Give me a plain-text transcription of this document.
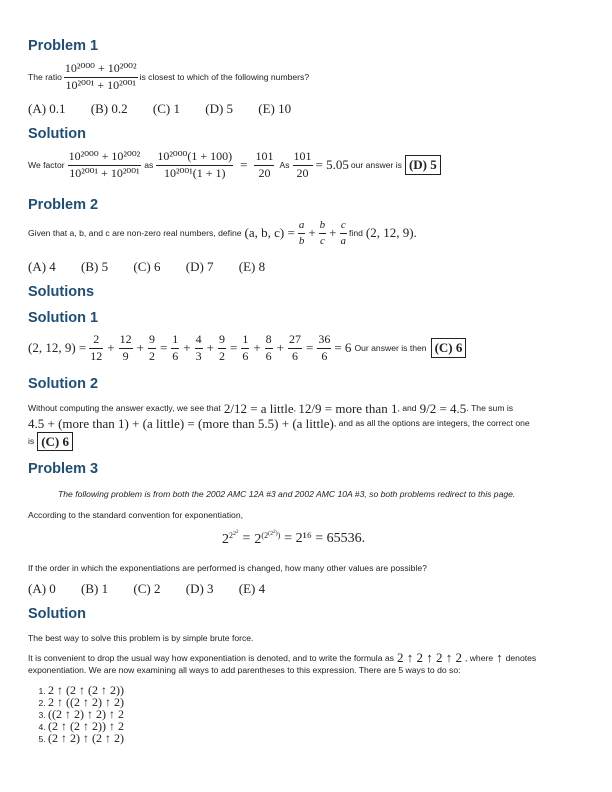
Problem 1
The ratio $\frac{\text{10²⁰⁰⁰ + 10²⁰⁰²}}{\text{10²⁰⁰¹ + 10²⁰⁰¹}}$ is closest to which of the following numbers?
(A) 0.1 (B) 0.2 (C) 1 (D) 5 (E) 10
Solution
We factor $\frac{\text{10²⁰⁰⁰ + 10²⁰⁰²}}{\text{10²⁰⁰¹ + 10²⁰⁰¹}}$ as $\frac{\text{10²⁰⁰⁰(1 + 100)}}{\text{10²⁰⁰¹(1 + 1)}} = \frac{101}{20}$ As $\frac{101}{20} = 5.05$ our answer is (D) 5
Problem 2
Given that a, b, and c are non-zero real numbers, define (a, b, $c) = \frac{a}{b} + \frac{b}{c} + \frac{c}{a}$ find (2, 12, 9).
(A) 4 (B) 5 (C) 6 (D) 7 (E) 8
Solutions
Solution 1
(2, 12, $9) = \frac{2}{12} + \frac{12}{9} + \frac{9}{2} = \frac{1}{6} + \frac{4}{3} + \frac{9}{2} = \frac{1}{6} + \frac{8}{6} + \frac{27}{6} = \frac{36}{6} = 6$ Our answer is then (C) 6
Solution 2
Without computing the answer exactly, we see that 2/12 = a little , 12/9 = more than 1 , and 9/2 = 4.5 . The sum is
4.5 + (more than 1) + (a little) = (more than 5.5) + (a little) , and as all the options are integers, the correct one
is (C) 6
Problem 3
The following problem is from both the 2002 AMC 12A #3 and 2002 AMC 10A #3, so both problems redirect to this page.
According to the standard convention for exponentiation,
$2^{2^{2^2}} = 2^{(2^{(2^2)})} = 2^{16} = 65536$.
If the order in which the exponentiations are performed is changed, how many other values are possible?
(A) 0 (B) 1 (C) 2 (D) 3 (E) 4
Solution
The best way to solve this problem is by simple brute force.
It is convenient to drop the usual way how exponentiation is denoted, and to write the formula as 2 ↑ 2 ↑ 2 ↑ 2 , where ↑ denotes
exponentiation. We are now examining all ways to add parentheses to this expression. There are 5 ways to do so:
1. 2 ↑ (2 ↑ (2 ↑ 2))
2. 2 ↑ ((2 ↑ 2) ↑ 2)
3. ((2 ↑ 2) ↑ 2) ↑ 2
4. (2 ↑ (2 ↑ 2)) ↑ 2
5. (2 ↑ 2) ↑ (2 ↑ 2)
